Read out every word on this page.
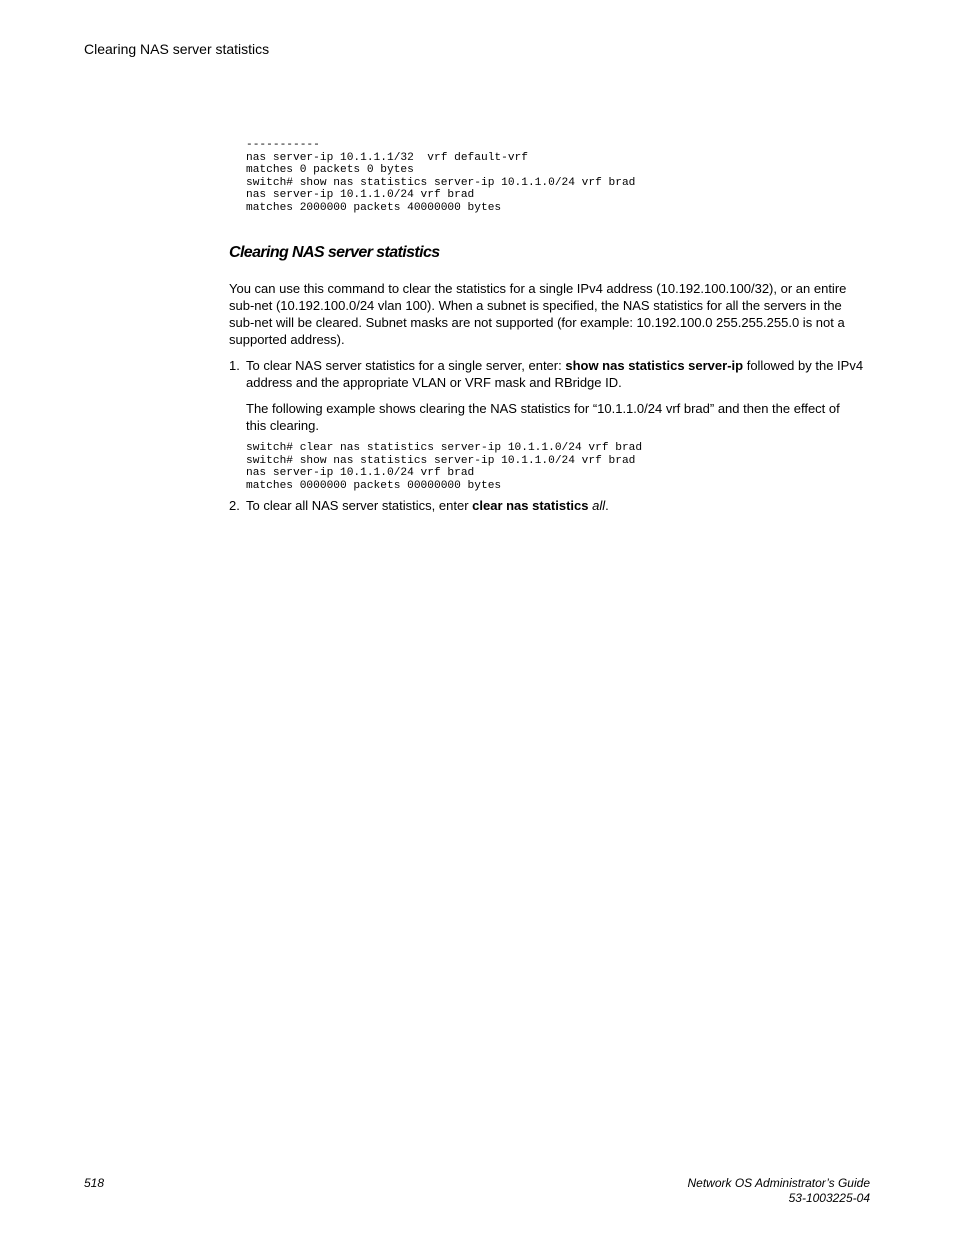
Clearing NAS server statistics
-----------
nas server-ip 10.1.1.1/32  vrf default-vrf
matches 0 packets 0 bytes
switch# show nas statistics server-ip 10.1.1.0/24 vrf brad
nas server-ip 10.1.1.0/24 vrf brad
matches 2000000 packets 40000000 bytes
Clearing NAS server statistics

You can use this command to clear the statistics for a single IPv4 address (10.192.100.100/32), or an entire sub-net (10.192.100.0/24 vlan 100). When a subnet is specified, the NAS statistics for all the servers in the sub-net will be cleared. Subnet masks are not supported (for example: 10.192.100.0 255.255.255.0 is not a supported address).

1. To clear NAS server statistics for a single server, enter: show nas statistics server-ip followed by the IPv4 address and the appropriate VLAN or VRF mask and RBridge ID.

The following example shows clearing the NAS statistics for “10.1.1.0/24 vrf brad” and then the effect of this clearing.

switch# clear nas statistics server-ip 10.1.1.0/24 vrf brad
switch# show nas statistics server-ip 10.1.1.0/24 vrf brad
nas server-ip 10.1.1.0/24 vrf brad
matches 0000000 packets 00000000 bytes
2. To clear all NAS server statistics, enter clear nas statistics all.

518	Network OS Administrator’s Guide
53-1003225-04
